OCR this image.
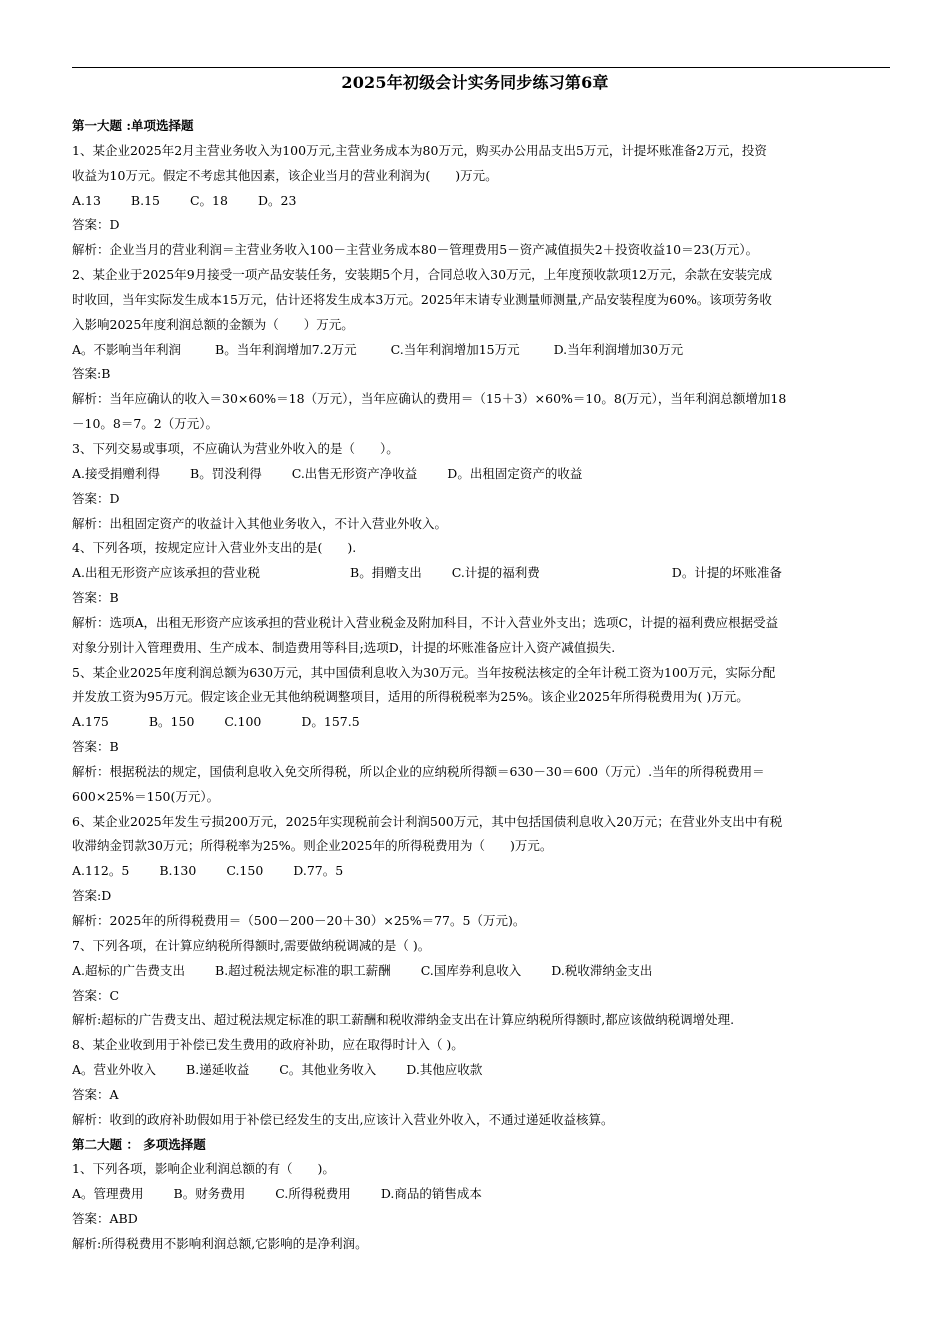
2025年初级会计实务同步练习第6章
第一大题 :单项选择题
1、某企业2025年2月主营业务收入为100万元,主营业务成本为80万元，购买办公用品支出5万元，计提坏账准备2万元，投资
收益为10万元。假定不考虑其他因素，该企业当月的营业利润为(　　)万元。
A.13 B.15 C。18 D。23
答案：D
解析：企业当月的营业利润＝主营业务收入100－主营业务成本80－管理费用5－资产减值损失2＋投资收益10＝23(万元）。
2、某企业于2025年9月接受一项产品安装任务，安装期5个月，合同总收入30万元，上年度预收款项12万元，余款在安装完成
时收回，当年实际发生成本15万元，估计还将发生成本3万元。2025年末请专业测量师测量,产品安装程度为60%。该项劳务收
入影响2025年度利润总额的金额为（　　）万元。
A。不影响当年利润	B。当年利润增加7.2万元	C.当年利润增加15万元	D.当年利润增加30万元
答案:B
解析：当年应确认的收入＝30×60%＝18（万元），当年应确认的费用＝（15＋3）×60%＝10。8(万元），当年利润总额增加18
－10。8＝7。2（万元）。
3、下列交易或事项，不应确认为营业外收入的是（　　）。
A.接受捐赠利得 B。罚没利得 C.出售无形资产净收益 D。出租固定资产的收益
答案：D
解析：出租固定资产的收益计入其他业务收入，不计入营业外收入。
4、下列各项，按规定应计入营业外支出的是(　　).
A.出租无形资产应该承担的营业税	B。捐赠支出 C.计提的福利费	D。计提的坏账准备
答案：B
解析：选项A，出租无形资产应该承担的营业税计入营业税金及附加科目，不计入营业外支出；选项C，计提的福利费应根据受益
对象分别计入管理费用、生产成本、制造费用等科目;选项D，计提的坏账准备应计入资产减值损失.
5、某企业2025年度利润总额为630万元，其中国债利息收入为30万元。当年按税法核定的全年计税工资为100万元，实际分配
并发放工资为95万元。假定该企业无其他纳税调整项目，适用的所得税税率为25%。该企业2025年所得税费用为( )万元。
A.175	B。150 C.100	D。157.5
答案：B
解析：根据税法的规定，国债利息收入免交所得税，所以企业的应纳税所得额＝630－30＝600（万元）.当年的所得税费用＝
600×25%＝150(万元）。
6、某企业2025年发生亏损200万元，2025年实现税前会计利润500万元，其中包括国债利息收入20万元；在营业外支出中有税
收滞纳金罚款30万元；所得税率为25%。则企业2025年的所得税费用为（　　)万元。
A.112。5 B.130 C.150 D.77。5
答案:D
解析：2025年的所得税费用＝（500－200－20＋30）×25%＝77。5（万元)。
7、下列各项，在计算应纳税所得额时,需要做纳税调减的是（ )。
A.超标的广告费支出 B.超过税法规定标准的职工薪酬 C.国库券利息收入 D.税收滞纳金支出
答案：C
解析:超标的广告费支出、超过税法规定标准的职工薪酬和税收滞纳金支出在计算应纳税所得额时,都应该做纳税调增处理.
8、某企业收到用于补偿已发生费用的政府补助，应在取得时计入（ )。
A。营业外收入 B.递延收益 C。其他业务收入 D.其他应收款
答案：A
解析：收到的政府补助假如用于补偿已经发生的支出,应该计入营业外收入，不通过递延收益核算。
第二大题 ： 多项选择题
1、下列各项，影响企业利润总额的有（　　)。
A。管理费用 B。财务费用 C.所得税费用 D.商品的销售成本
答案：ABD
解析:所得税费用不影响利润总额,它影响的是净利润。
